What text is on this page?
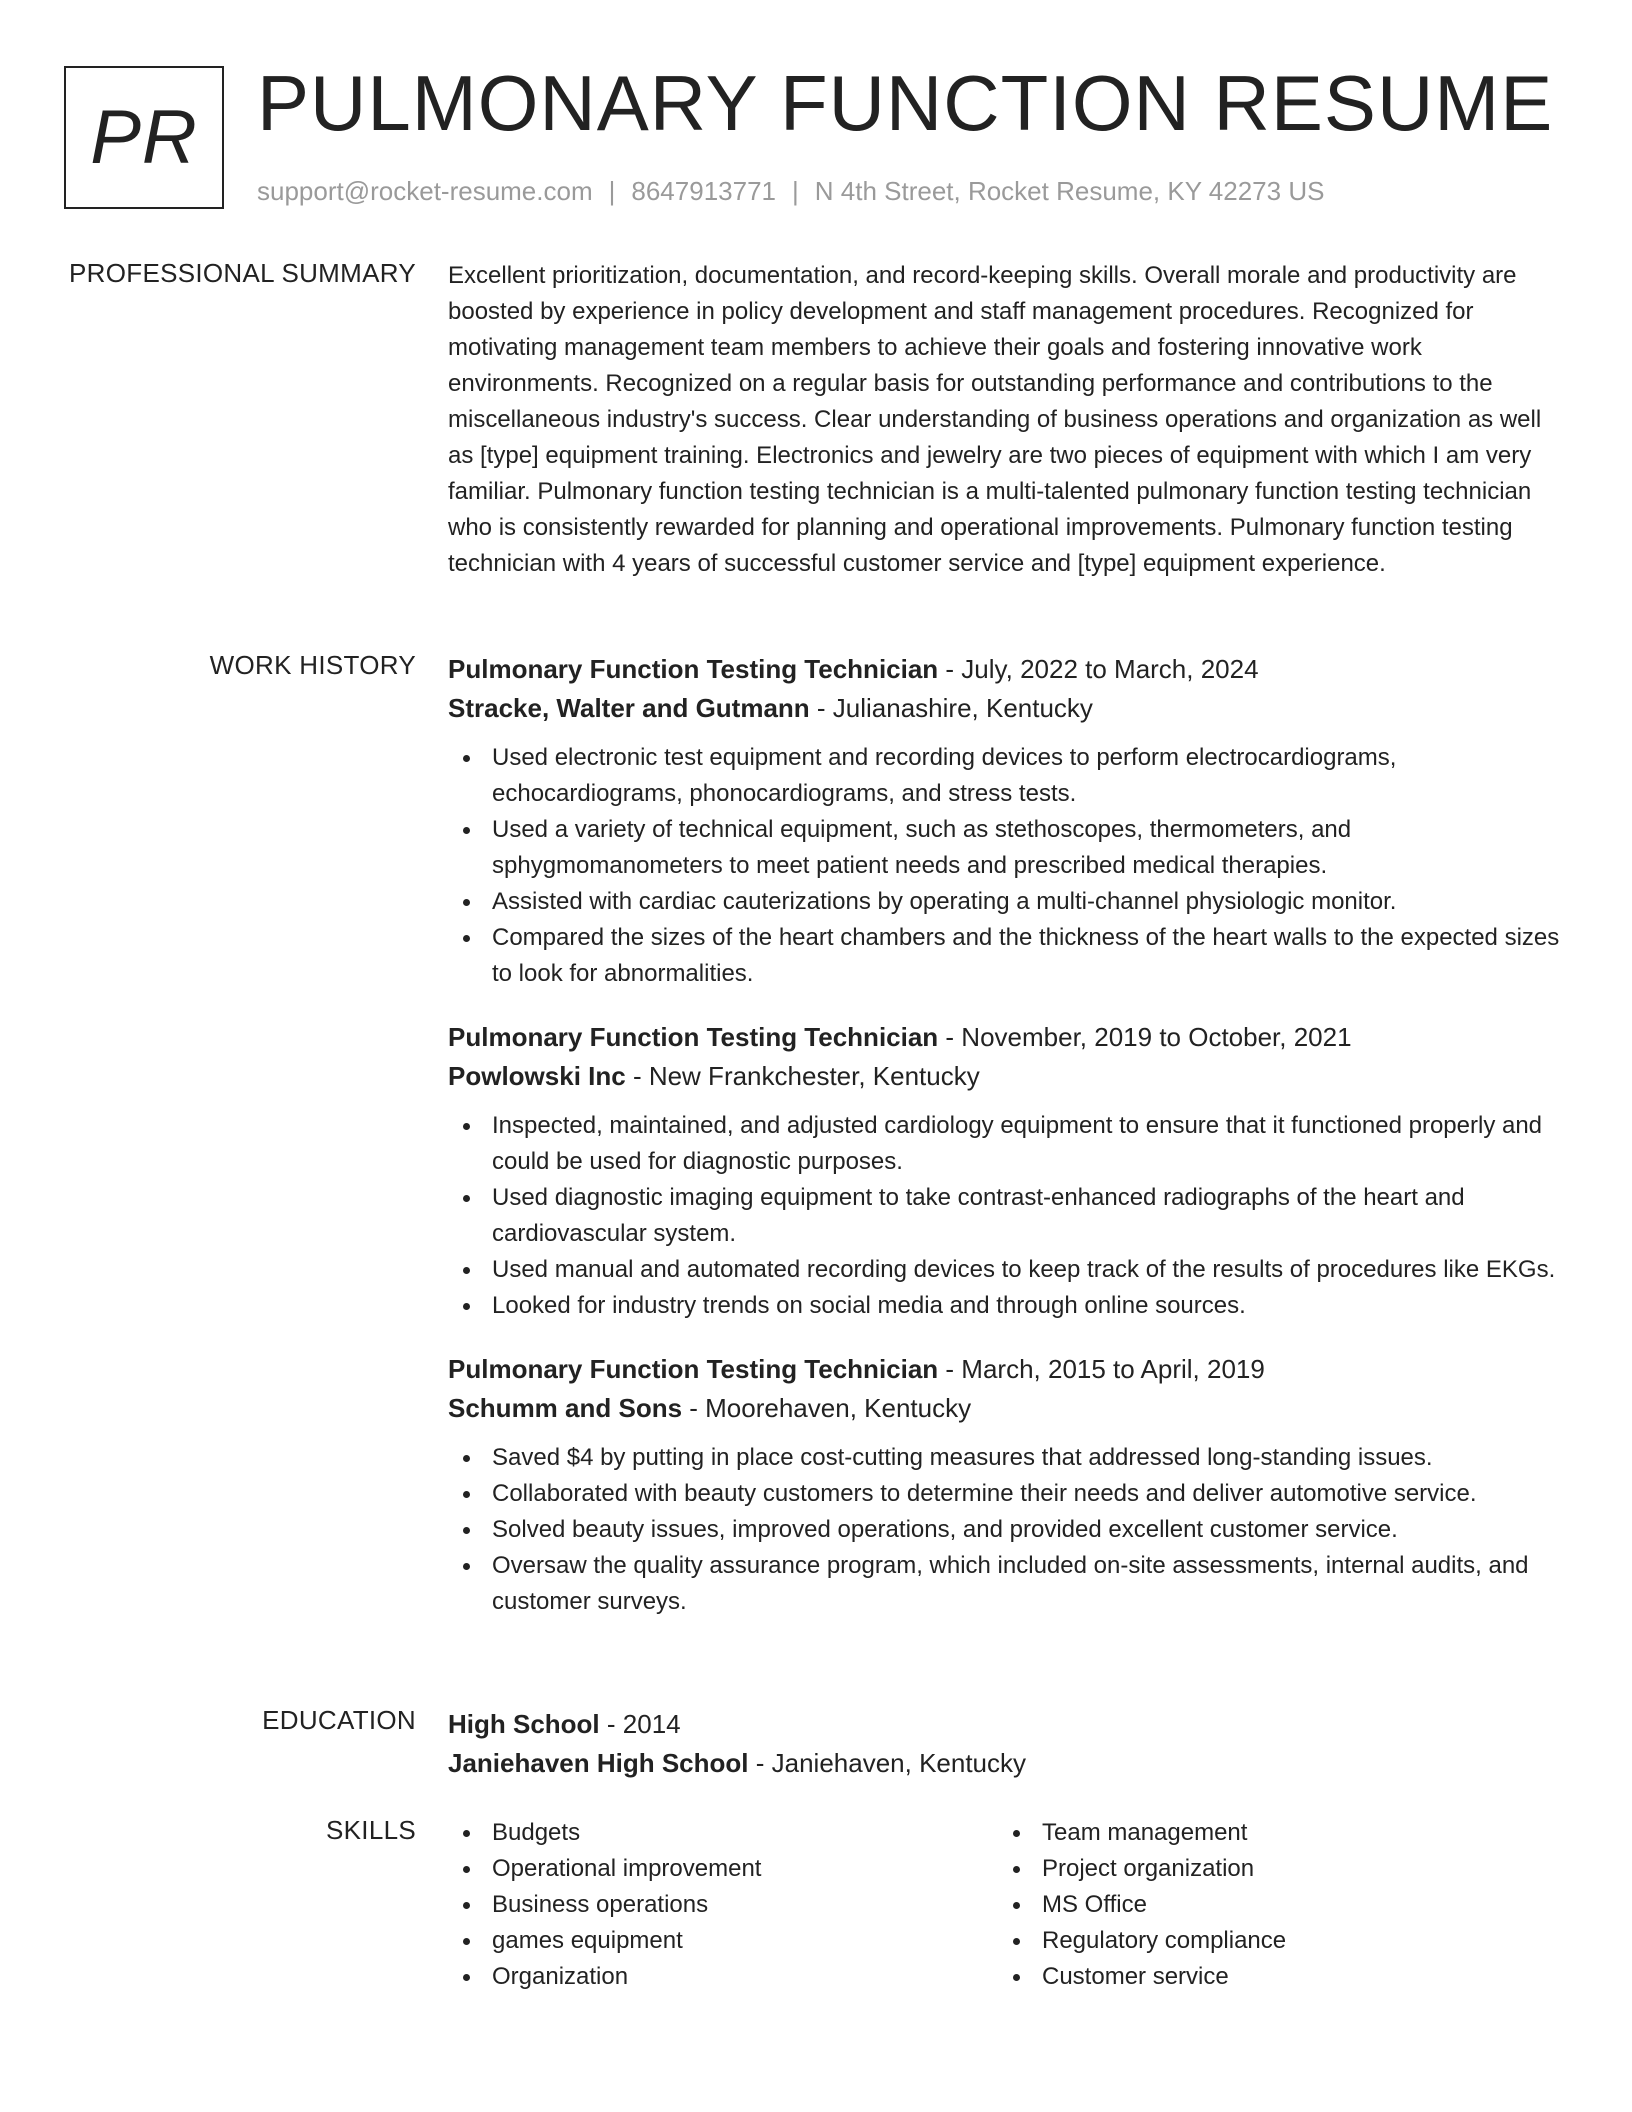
PR PULMONARY FUNCTION RESUME
support@rocket-resume.com | 8647913771 | N 4th Street, Rocket Resume, KY 42273 US
PROFESSIONAL SUMMARY Excellent prioritization, documentation, and record-keeping skills. Overall morale and productivity are boosted by experience in policy development and staff management procedures. Recognized for motivating management team members to achieve their goals and fostering innovative work environments. Recognized on a regular basis for outstanding performance and contributions to the miscellaneous industry's success. Clear understanding of business operations and organization as well as [type] equipment training. Electronics and jewelry are two pieces of equipment with which I am very familiar. Pulmonary function testing technician is a multi-talented pulmonary function testing technician who is consistently rewarded for planning and operational improvements. Pulmonary function testing technician with 4 years of successful customer service and [type] equipment experience.
WORK HISTORY Pulmonary Function Testing Technician - July, 2022 to March, 2024
Stracke, Walter and Gutmann - Julianashire, Kentucky
Used electronic test equipment and recording devices to perform electrocardiograms, echocardiograms, phonocardiograms, and stress tests.
Used a variety of technical equipment, such as stethoscopes, thermometers, and sphygmomanometers to meet patient needs and prescribed medical therapies.
Assisted with cardiac cauterizations by operating a multi-channel physiologic monitor.
Compared the sizes of the heart chambers and the thickness of the heart walls to the expected sizes to look for abnormalities.
Pulmonary Function Testing Technician - November, 2019 to October, 2021
Powlowski Inc - New Frankchester, Kentucky
Inspected, maintained, and adjusted cardiology equipment to ensure that it functioned properly and could be used for diagnostic purposes.
Used diagnostic imaging equipment to take contrast-enhanced radiographs of the heart and cardiovascular system.
Used manual and automated recording devices to keep track of the results of procedures like EKGs.
Looked for industry trends on social media and through online sources.
Pulmonary Function Testing Technician - March, 2015 to April, 2019
Schumm and Sons - Moorehaven, Kentucky
Saved $4 by putting in place cost-cutting measures that addressed long-standing issues.
Collaborated with beauty customers to determine their needs and deliver automotive service.
Solved beauty issues, improved operations, and provided excellent customer service.
Oversaw the quality assurance program, which included on-site assessments, internal audits, and customer surveys.
EDUCATION High School - 2014
Janiehaven High School - Janiehaven, Kentucky
SKILLS	Budgets
Operational improvement
Business operations
games equipment
Organization
Team management
Project organization
MS Office
Regulatory compliance
Customer service
